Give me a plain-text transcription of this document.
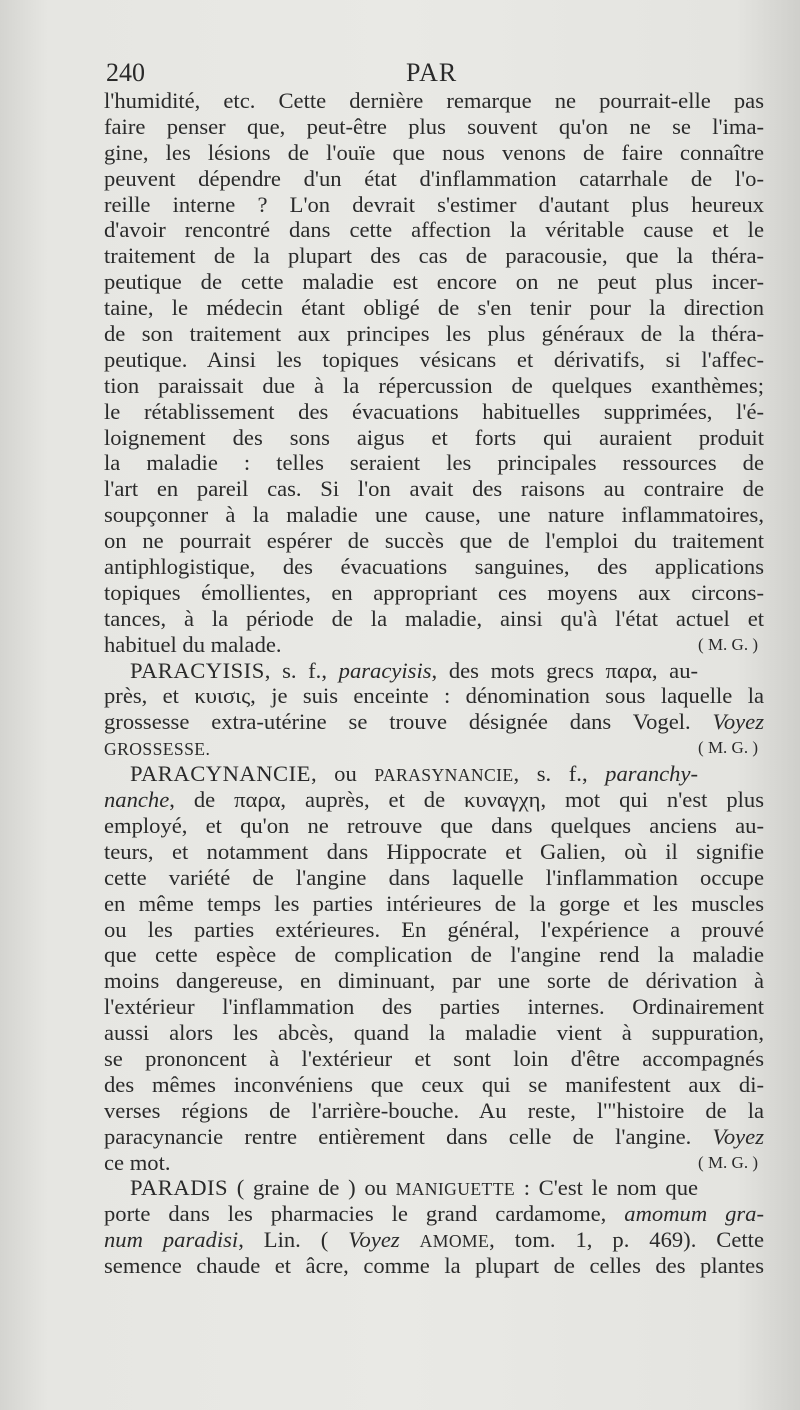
240	PAR
l'humidité, etc. Cette dernière remarque ne pourrait-elle pas
faire penser que, peut-être plus souvent qu'on ne se l'ima-
gine, les lésions de l'ouïe que nous venons de faire connaître
peuvent dépendre d'un état d'inflammation catarrhale de l'o-
reille interne ? L'on devrait s'estimer d'autant plus heureux
d'avoir rencontré dans cette affection la véritable cause et le
traitement de la plupart des cas de paracousie, que la théra-
peutique de cette maladie est encore on ne peut plus incer-
taine, le médecin étant obligé de s'en tenir pour la direction
de son traitement aux principes les plus généraux de la théra-
peutique. Ainsi les topiques vésicans et dérivatifs, si l'affec-
tion paraissait due à la répercussion de quelques exanthèmes;
le rétablissement des évacuations habituelles supprimées, l'é-
loignement des sons aigus et forts qui auraient produit
la maladie : telles seraient les principales ressources de
l'art en pareil cas. Si l'on avait des raisons au contraire de
soupçonner à la maladie une cause, une nature inflammatoires,
on ne pourrait espérer de succès que de l'emploi du traitement
antiphlogistique, des évacuations sanguines, des applications
topiques émollientes, en appropriant ces moyens aux circons-
tances, à la période de la maladie, ainsi qu'à l'état actuel et
habituel du malade.	( M. G. )
PARACYISIS, s. f., paracyisis, des mots grecs παρα, au-
près, et κυισις, je suis enceinte : dénomination sous laquelle la
grossesse extra-utérine se trouve désignée dans Vogel. Voyez
GROSSESSE.	( M. G. )
PARACYNANCIE, ou PARASYNANCIE, s. f., paranchy-
nanche, de παρα, auprès, et de κυναγχη, mot qui n'est plus
employé, et qu'on ne retrouve que dans quelques anciens au-
teurs, et notamment dans Hippocrate et Galien, où il signifie
cette variété de l'angine dans laquelle l'inflammation occupe
en même temps les parties intérieures de la gorge et les muscles
ou les parties extérieures. En général, l'expérience a prouvé
que cette espèce de complication de l'angine rend la maladie
moins dangereuse, en diminuant, par une sorte de dérivation à
l'extérieur l'inflammation des parties internes. Ordinairement
aussi alors les abcès, quand la maladie vient à suppuration,
se prononcent à l'extérieur et sont loin d'être accompagnés
des mêmes inconvéniens que ceux qui se manifestent aux di-
verses régions de l'arrière-bouche. Au reste, l'"histoire de la
paracynancie rentre entièrement dans celle de l'angine. Voyez
ce mot.	( M. G. )
PARADIS ( graine de ) ou MANIGUETTE : C'est le nom que
porte dans les pharmacies le grand cardamome, amomum gra-
num paradisi, Lin. ( Voyez AMOME, tom. 1, p. 469). Cette
semence chaude et âcre, comme la plupart de celles des plantes
